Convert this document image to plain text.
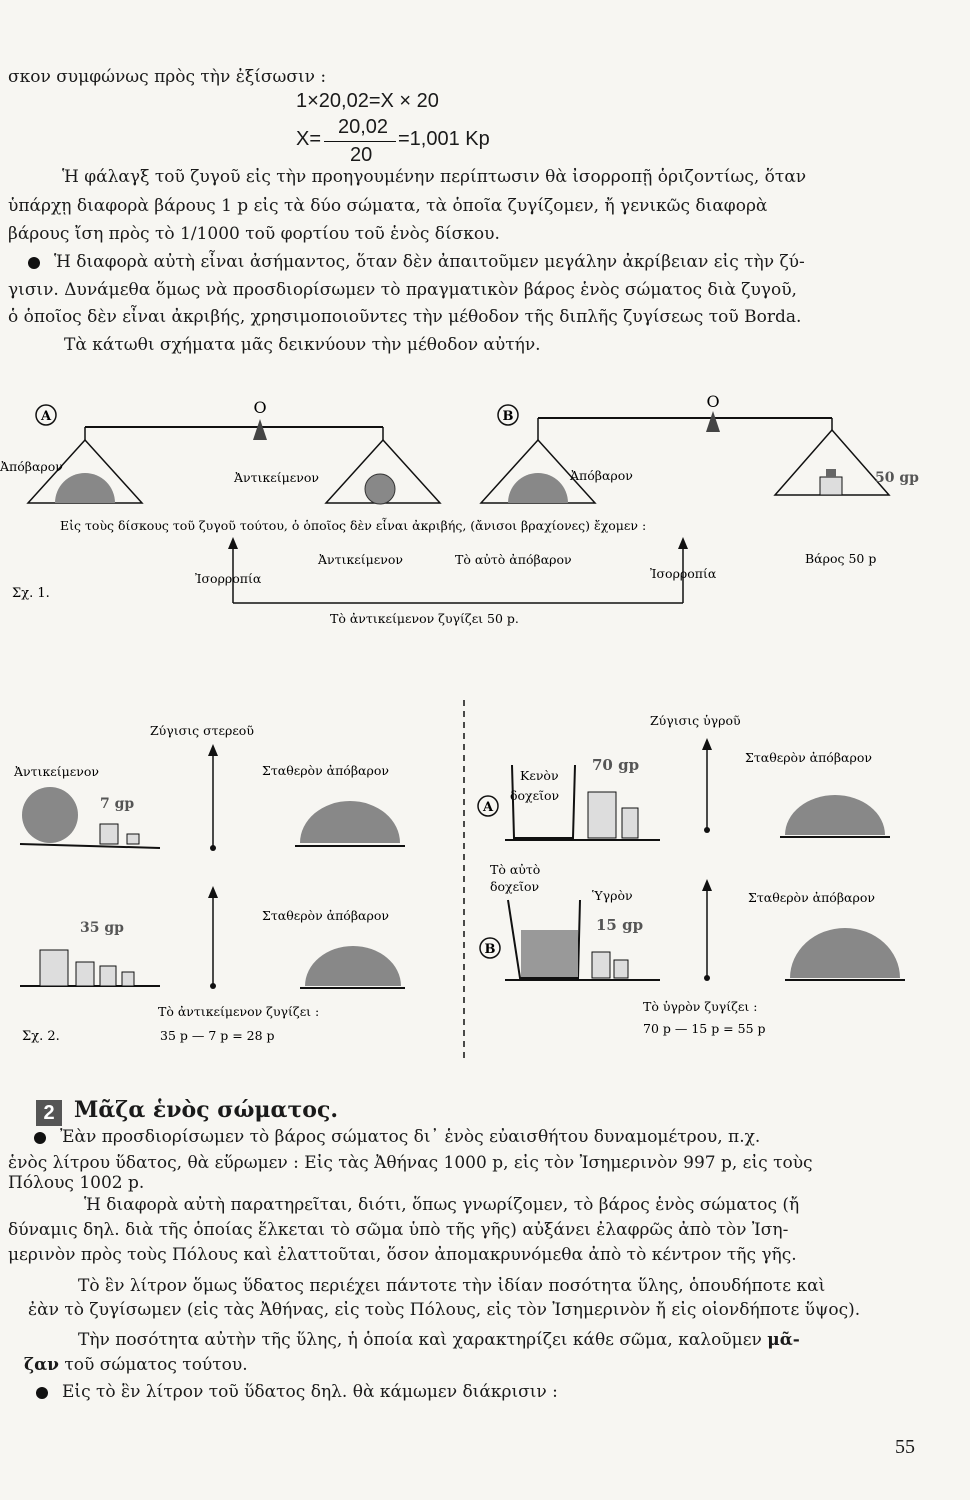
σκον συμφώνως πρὸς τὴν ἐξίσωσιν :
1×20,02=X × 20
X=
20,02
20
=1,001 Kp
Ἡ φάλαγξ τοῦ ζυγοῦ εἰς τὴν προηγουμένην περίπτωσιν θὰ ἰσορροπῇ ὁριζοντίως, ὅταν
ὑπάρχῃ διαφορὰ βάρους 1 p εἰς τὰ δύο σώματα, τὰ ὁποῖα ζυγίζομεν, ἤ γενικῶς διαφορὰ
βάρους ἴση πρὸς τὸ 1/1000 τοῦ φορτίου τοῦ ἑνὸς δίσκου.
Ἡ διαφορὰ αὐτὴ εἶναι ἀσήμαντος, ὅταν δὲν ἀπαιτοῦμεν μεγάλην ἀκρίβειαν εἰς τὴν ζύ-
γισιν. Δυνάμεθα ὅμως νὰ προσδιορίσωμεν τὸ πραγματικὸν βάρος ἑνὸς σώματος διὰ ζυγοῦ,
ὁ ὁποῖος δὲν εἶναι ἀκριβής, χρησιμοποιοῦντες τὴν μέθοδον τῆς διπλῆς ζυγίσεως τοῦ Borda.
Τὰ κάτωθι σχήματα μᾶς δεικνύουν τὴν μέθοδον αὐτήν.
A	O
Ἀπόβαρον
Ἀντικείμενον
B
O
Ἀπόβαρον	50 gp
Εἰς τοὺς δίσκους τοῦ ζυγοῦ τούτου, ὁ ὁποῖος δὲν εἶναι ἀκριβής, (ἄνισοι βραχίονες) ἔχομεν :
Ἰσορροπία
Ἀντικείμενον	Τὸ αὐτὸ ἀπόβαρον
Ἰσορροπία
Βάρος 50 p
Σχ. 1.
Τὸ ἀντικείμενον ζυγίζει 50 p.
Ζύγισις στερεοῦ
Ζύγισις ὑγροῦ
Ἀντικείμενον
7 gp
Σταθερὸν ἀπόβαρον
35 gp
Σταθερὸν ἀπόβαρον
Τὸ ἀντικείμενον ζυγίζει :
35 p — 7 p = 28 p
Σχ. 2.
A
Κενὸν
δοχεῖον
70 gp	Σταθερὸν ἀπόβαρον
Τὸ αὐτὸ
δοχεῖον
B
Ὑγρὸν
15 gp
Σταθερὸν ἀπόβαρον
Τὸ ὑγρὸν ζυγίζει :
70 p — 15 p = 55 p
2 Μᾶζα ἑνὸς σώματος.
Ἐὰν προσδιορίσωμεν τὸ βάρος σώματος δι᾽ ἑνὸς εὐαισθήτου δυναμομέτρου, π.χ.
ἑνὸς λίτρου ὕδατος, θὰ εὕρωμεν : Εἰς τὰς Ἀθήνας 1000 p, εἰς τὸν Ἰσημερινὸν 997 p, εἰς τοὺς
Πόλους 1002 p.
Ἡ διαφορὰ αὐτὴ παρατηρεῖται, διότι, ὅπως γνωρίζομεν, τὸ βάρος ἑνὸς σώματος (ἤ
δύναμις δηλ. διὰ τῆς ὁποίας ἕλκεται τὸ σῶμα ὑπὸ τῆς γῆς) αὐξάνει ἐλαφρῶς ἀπὸ τὸν Ἰση-
μερινὸν πρὸς τοὺς Πόλους καὶ ἐλαττοῦται, ὅσον ἀπομακρυνόμεθα ἀπὸ τὸ κέντρον τῆς γῆς.
Τὸ ἓν λίτρον ὅμως ὕδατος περιέχει πάντοτε τὴν ἰδίαν ποσότητα ὕλης, ὁπουδήποτε καὶ
ἐὰν τὸ ζυγίσωμεν (εἰς τὰς Ἀθήνας, εἰς τοὺς Πόλους, εἰς τὸν Ἰσημερινὸν ἤ εἰς οἱονδήποτε ὕψος).
Τὴν ποσότητα αὐτὴν τῆς ὕλης, ἡ ὁποία καὶ χαρακτηρίζει κάθε σῶμα, καλοῦμεν μᾶ-
ζαν τοῦ σώματος τούτου.
Εἰς τὸ ἓν λίτρον τοῦ ὕδατος δηλ. θὰ κάμωμεν διάκρισιν :
55
